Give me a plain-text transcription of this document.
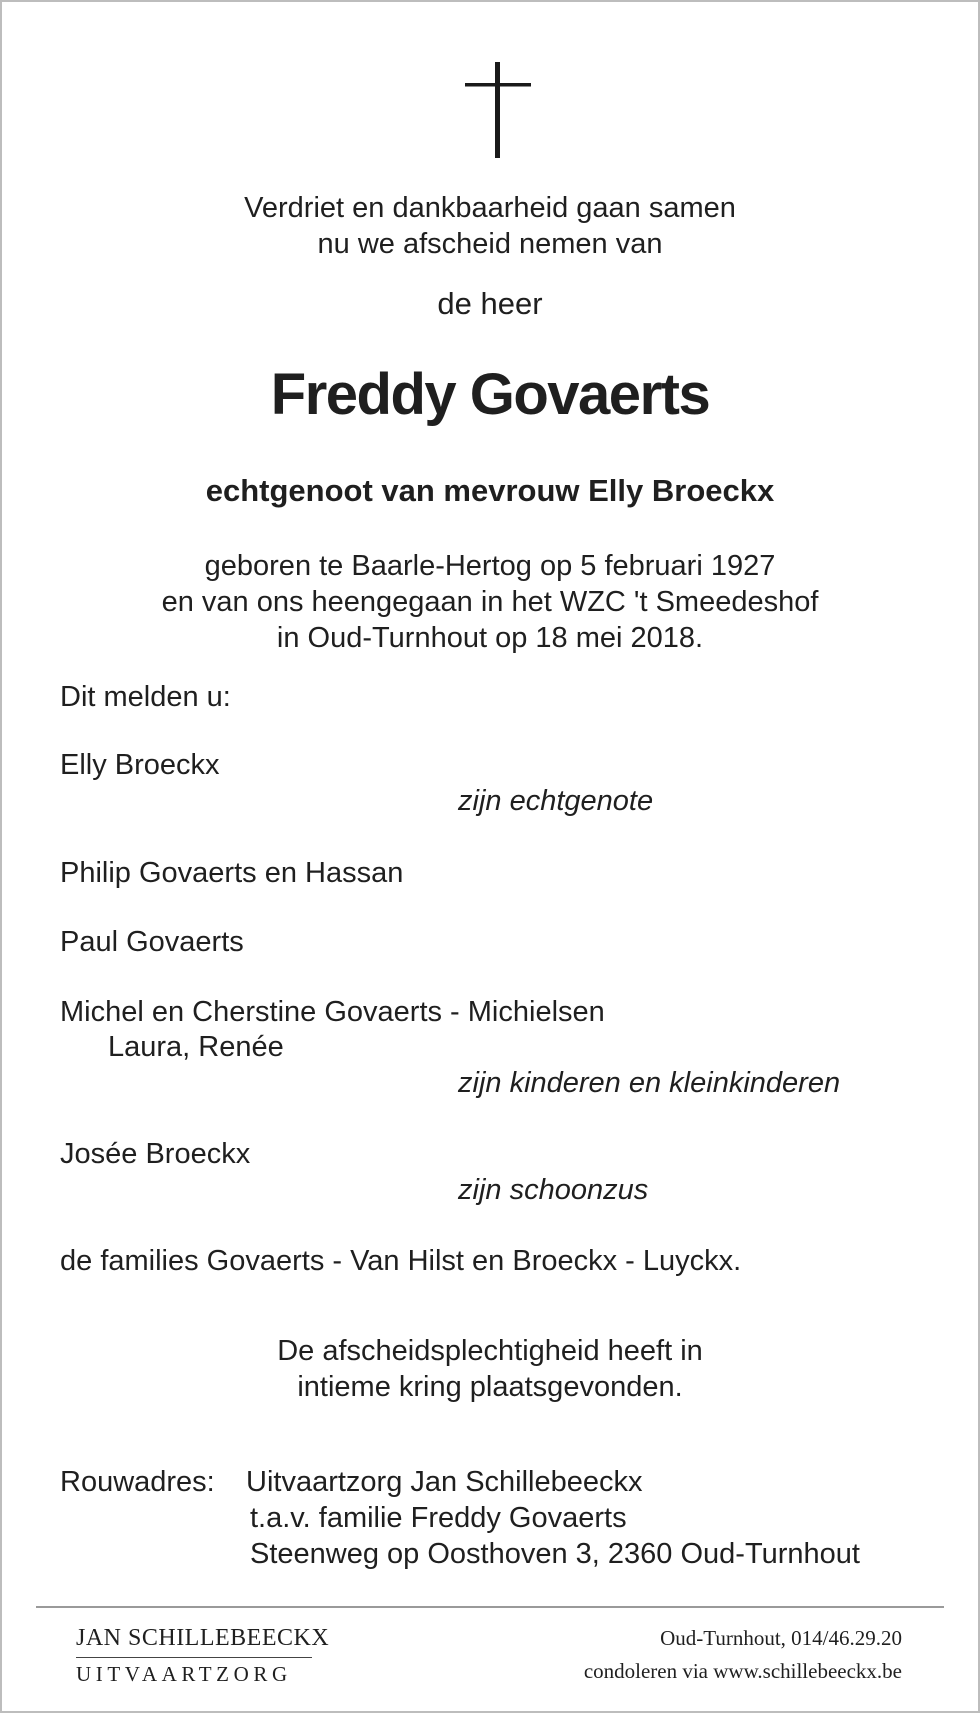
Verdriet en dankbaarheid gaan samen
nu we afscheid nemen van
de heer
Freddy Govaerts
echtgenoot van mevrouw Elly Broeckx
geboren te Baarle-Hertog op 5 februari 1927
en van ons heengegaan in het WZC 't Smeedeshof
in Oud-Turnhout op 18 mei 2018.
Dit melden u:
Elly Broeckx
zijn echtgenote
Philip Govaerts en Hassan
Paul Govaerts
Michel en Cherstine Govaerts - Michielsen
Laura, Renée
zijn kinderen en kleinkinderen
Josée Broeckx
zijn schoonzus
de families Govaerts - Van Hilst en Broeckx - Luyckx.
De afscheidsplechtigheid heeft in
intieme kring plaatsgevonden.
Rouwadres: Uitvaartzorg Jan Schillebeeckx
t.a.v. familie Freddy Govaerts
Steenweg op Oosthoven 3, 2360 Oud-Turnhout
JAN SCHILLEBEECKX
UITVAARTZORG
Oud-Turnhout, 014/46.29.20
condoleren via www.schillebeeckx.be
